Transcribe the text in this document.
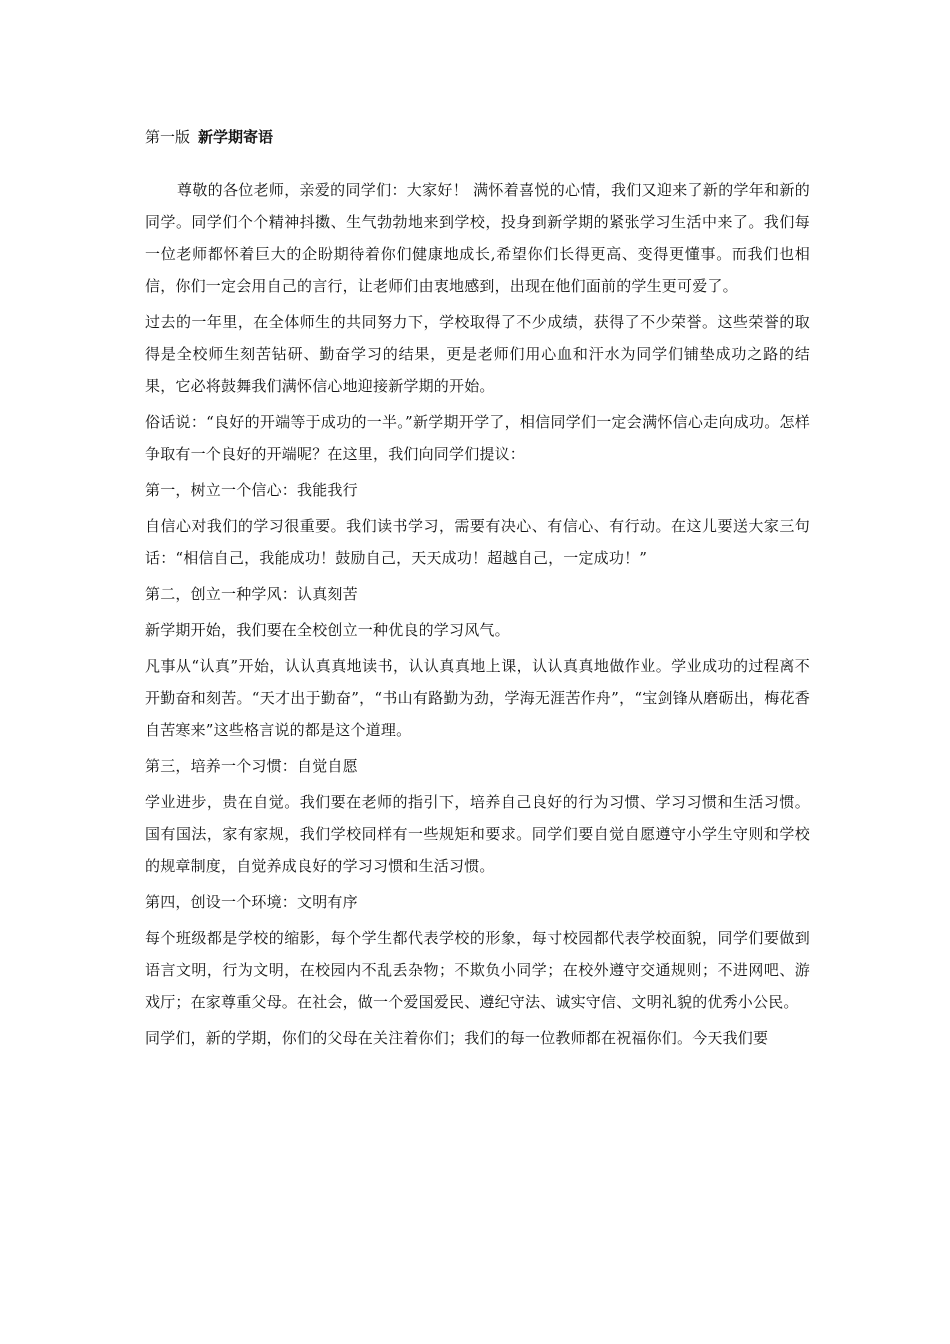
第一版 新学期寄语

尊敬的各位老师，亲爱的同学们：大家好！ 满怀着喜悦的心情，我们又迎来了新的学年和新的同学。同学们个个精神抖擞、生气勃勃地来到学校，投身到新学期的紧张学习生活中来了。我们每一位老师都怀着巨大的企盼期待着你们健康地成长,希望你们长得更高、变得更懂事。而我们也相信，你们一定会用自己的言行，让老师们由衷地感到，出现在他们面前的学生更可爱了。

过去的一年里，在全体师生的共同努力下，学校取得了不少成绩，获得了不少荣誉。这些荣誉的取得是全校师生刻苦钻研、勤奋学习的结果，更是老师们用心血和汗水为同学们铺垫成功之路的结果，它必将鼓舞我们满怀信心地迎接新学期的开始。

俗话说：“良好的开端等于成功的一半。”新学期开学了，相信同学们一定会满怀信心走向成功。怎样争取有一个良好的开端呢？在这里，我们向同学们提议：

第一，树立一个信心：我能我行

自信心对我们的学习很重要。我们读书学习，需要有决心、有信心、有行动。在这儿要送大家三句话：“相信自己，我能成功！鼓励自己，天天成功！超越自己，一定成功！”

第二，创立一种学风：认真刻苦

新学期开始，我们要在全校创立一种优良的学习风气。

凡事从“认真”开始，认认真真地读书，认认真真地上课，认认真真地做作业。学业成功的过程离不开勤奋和刻苦。“天才出于勤奋”，“书山有路勤为劲，学海无涯苦作舟”，“宝剑锋从磨砺出，梅花香自苦寒来”这些格言说的都是这个道理。

第三，培养一个习惯：自觉自愿

学业进步，贵在自觉。我们要在老师的指引下，培养自己良好的行为习惯、学习习惯和生活习惯。国有国法，家有家规，我们学校同样有一些规矩和要求。同学们要自觉自愿遵守小学生守则和学校的规章制度，自觉养成良好的学习习惯和生活习惯。

第四，创设一个环境：文明有序

每个班级都是学校的缩影，每个学生都代表学校的形象，每寸校园都代表学校面貌，同学们要做到语言文明，行为文明，在校园内不乱丢杂物；不欺负小同学；在校外遵守交通规则；不进网吧、游戏厅；在家尊重父母。在社会，做一个爱国爱民、遵纪守法、诚实守信、文明礼貌的优秀小公民。

同学们，新的学期，你们的父母在关注着你们；我们的每一位教师都在祝福你们。今天我们要
